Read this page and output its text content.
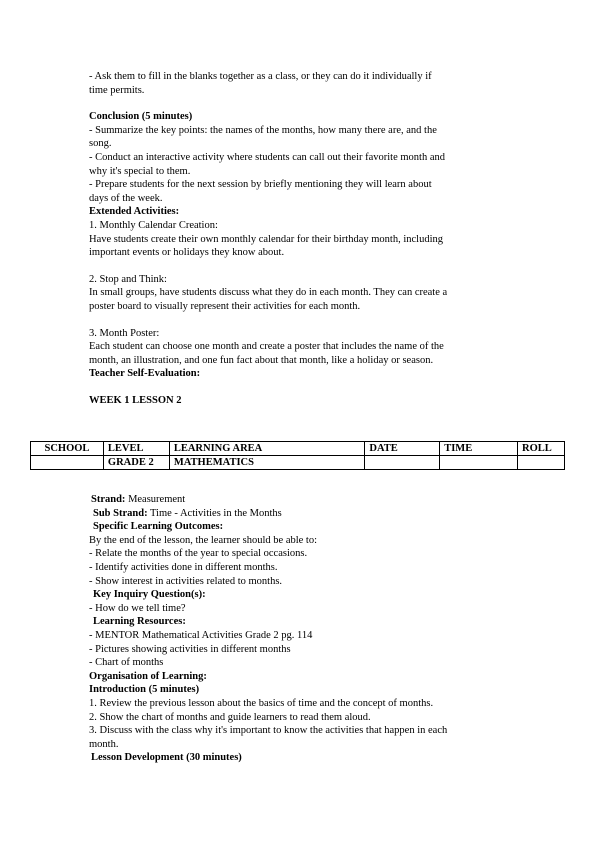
- Ask them to fill in the blanks together as a class, or they can do it individually if
time permits.
Conclusion (5 minutes)
- Summarize the key points: the names of the months, how many there are, and the
song.
- Conduct an interactive activity where students can call out their favorite month and
why it's special to them.
- Prepare students for the next session by briefly mentioning they will learn about
days of the week.
Extended Activities:
1. Monthly Calendar Creation:
Have students create their own monthly calendar for their birthday month, including
important events or holidays they know about.
2. Stop and Think:
In small groups, have students discuss what they do in each month. They can create a
poster board to visually represent their activities for each month.
3. Month Poster:
Each student can choose one month and create a poster that includes the name of the
month, an illustration, and one fun fact about that month, like a holiday or season.
Teacher Self-Evaluation:
WEEK 1 LESSON 2
SCHOOL	LEVEL	LEARNING AREA	DATE	TIME	ROLL
	GRADE 2	MATHEMATICS			
Strand: Measurement
Sub Strand: Time - Activities in the Months
Specific Learning Outcomes:
By the end of the lesson, the learner should be able to:
- Relate the months of the year to special occasions.
- Identify activities done in different months.
- Show interest in activities related to months.
Key Inquiry Question(s):
- How do we tell time?
Learning Resources:
- MENTOR Mathematical Activities Grade 2 pg. 114
- Pictures showing activities in different months
- Chart of months
Organisation of Learning:
Introduction (5 minutes)
1. Review the previous lesson about the basics of time and the concept of months.
2. Show the chart of months and guide learners to read them aloud.
3. Discuss with the class why it's important to know the activities that happen in each
month.
Lesson Development (30 minutes)
